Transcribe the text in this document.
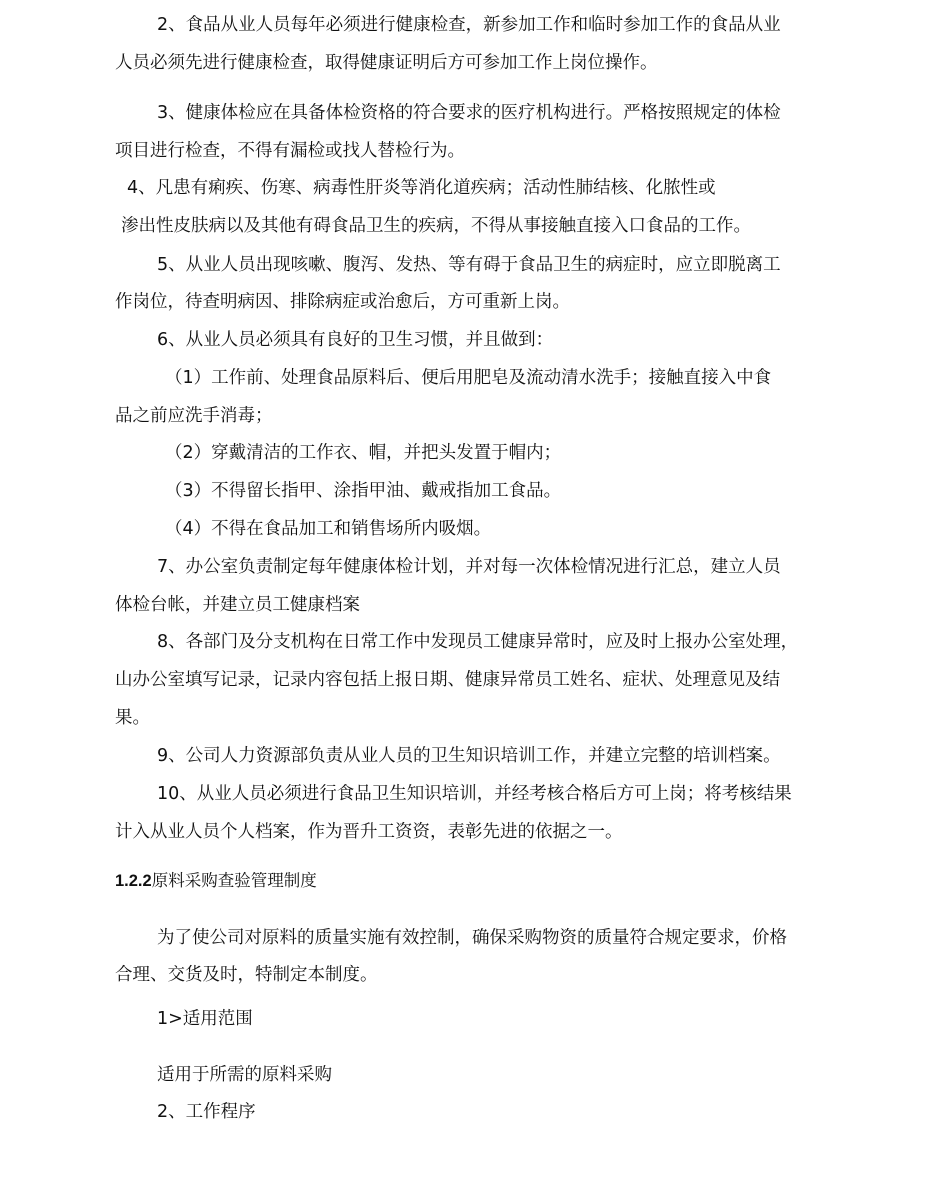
2、食品从业人员每年必须进行健康检查，新参加工作和临时参加工作的食品从业

人员必须先进行健康检查，取得健康证明后方可参加工作上岗位操作。

3、健康体检应在具备体检资格的符合要求的医疗机构进行。严格按照规定的体检

项目进行检查，不得有漏检或找人替检行为。

4、凡患有痢疾、伤寒、病毒性肝炎等消化道疾病；活动性肺结核、化脓性或

渗出性皮肤病以及其他有碍食品卫生的疾病，不得从事接触直接入口食品的工作。

5、从业人员出现咳嗽、腹泻、发热、等有碍于食品卫生的病症时，应立即脱离工

作岗位，待查明病因、排除病症或治愈后，方可重新上岗。

6、从业人员必须具有良好的卫生习惯，并且做到：

（1）工作前、处理食品原料后、便后用肥皂及流动清水洗手；接触直接入中食

品之前应洗手消毒；

（2）穿戴清洁的工作衣、帽，并把头发置于帽内；

（3）不得留长指甲、涂指甲油、戴戒指加工食品。

（4）不得在食品加工和销售场所内吸烟。

7、办公室负责制定每年健康体检计划，并对每一次体检情况进行汇总，建立人员

体检台帐，并建立员工健康档案

8、各部门及分支机构在日常工作中发现员工健康异常时，应及时上报办公室处理，

山办公室填写记录，记录内容包括上报日期、健康异常员工姓名、症状、处理意见及结

果。

9、公司人力资源部负责从业人员的卫生知识培训工作，并建立完整的培训档案。

10、从业人员必须进行食品卫生知识培训，并经考核合格后方可上岗；将考核结果

计入从业人员个人档案，作为晋升工资资，表彰先进的依据之一。

1.2.2原料采购查验管理制度

为了使公司对原料的质量实施有效控制，确保采购物资的质量符合规定要求，价格

合理、交货及时，特制定本制度。

1>适用范围

适用于所需的原料采购

2、工作程序
